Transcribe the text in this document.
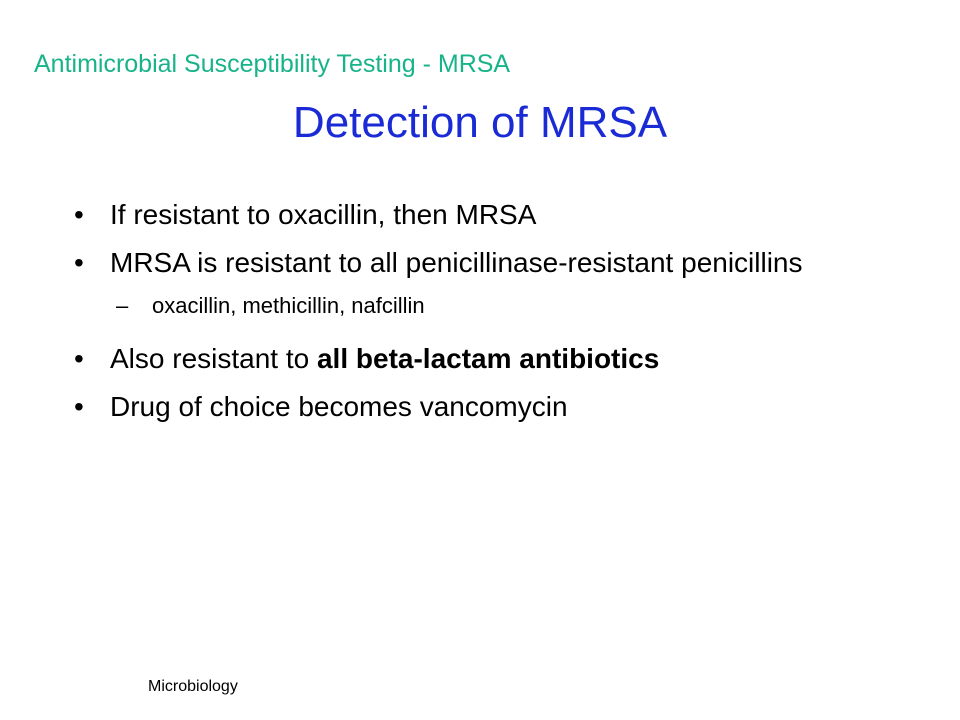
Antimicrobial Susceptibility Testing - MRSA
Detection of MRSA
• If resistant to oxacillin, then MRSA
• MRSA is resistant to all penicillinase-resistant penicillins
– oxacillin, methicillin, nafcillin
• Also resistant to all beta-lactam antibiotics
• Drug of choice becomes vancomycin
Microbiology
